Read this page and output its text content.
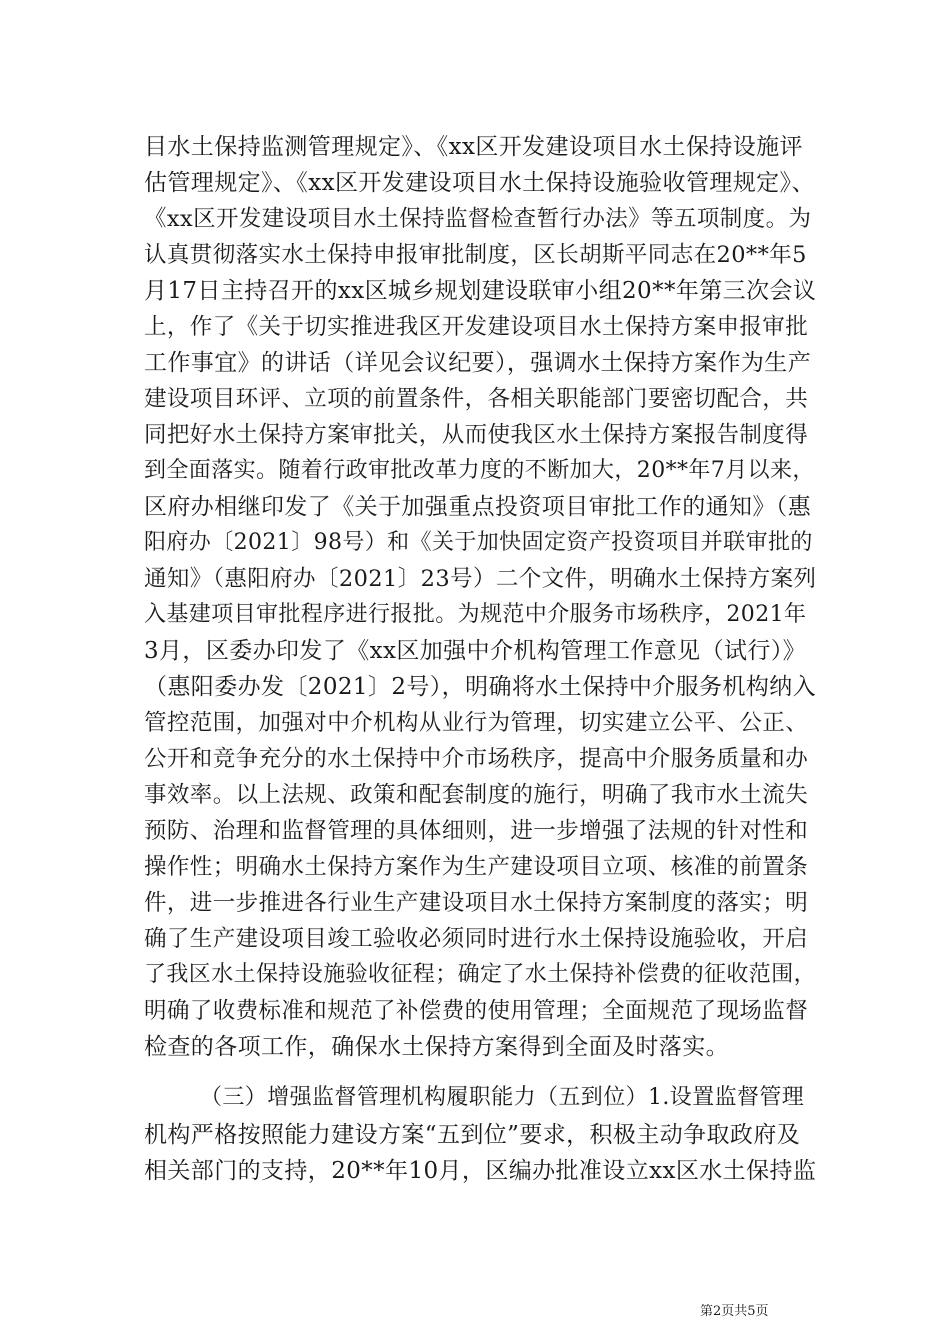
目水土保持监测管理规定》、《xx区开发建设项目水土保持设施评
估管理规定》、《xx区开发建设项目水土保持设施验收管理规定》、
《xx区开发建设项目水土保持监督检查暂行办法》等五项制度。为
认真贯彻落实水土保持申报审批制度，区长胡斯平同志在20**年5
月17日主持召开的xx区城乡规划建设联审小组20**年第三次会议
上，作了《关于切实推进我区开发建设项目水土保持方案申报审批
工作事宜》的讲话（详见会议纪要），强调水土保持方案作为生产
建设项目环评、立项的前置条件，各相关职能部门要密切配合，共
同把好水土保持方案审批关，从而使我区水土保持方案报告制度得
到全面落实。随着行政审批改革力度的不断加大，20**年7月以来，
区府办相继印发了《关于加强重点投资项目审批工作的通知》（惠
阳府办〔2021〕98号）和《关于加快固定资产投资项目并联审批的
通知》（惠阳府办〔2021〕23号）二个文件，明确水土保持方案列
入基建项目审批程序进行报批。为规范中介服务市场秩序，2021年
3月，区委办印发了《xx区加强中介机构管理工作意见（试行）》
（惠阳委办发〔2021〕2号），明确将水土保持中介服务机构纳入
管控范围，加强对中介机构从业行为管理，切实建立公平、公正、
公开和竞争充分的水土保持中介市场秩序，提高中介服务质量和办
事效率。以上法规、政策和配套制度的施行，明确了我市水土流失
预防、治理和监督管理的具体细则，进一步增强了法规的针对性和
操作性；明确水土保持方案作为生产建设项目立项、核准的前置条
件，进一步推进各行业生产建设项目水土保持方案制度的落实；明
确了生产建设项目竣工验收必须同时进行水土保持设施验收，开启
了我区水土保持设施验收征程；确定了水土保持补偿费的征收范围，
明确了收费标准和规范了补偿费的使用管理；全面规范了现场监督
检查的各项工作，确保水土保持方案得到全面及时落实。
（三）增强监督管理机构履职能力（五到位）1.设置监督管理
机构严格按照能力建设方案“五到位”要求，积极主动争取政府及
相关部门的支持，20**年10月，区编办批准设立xx区水土保持监
第2页共5页
